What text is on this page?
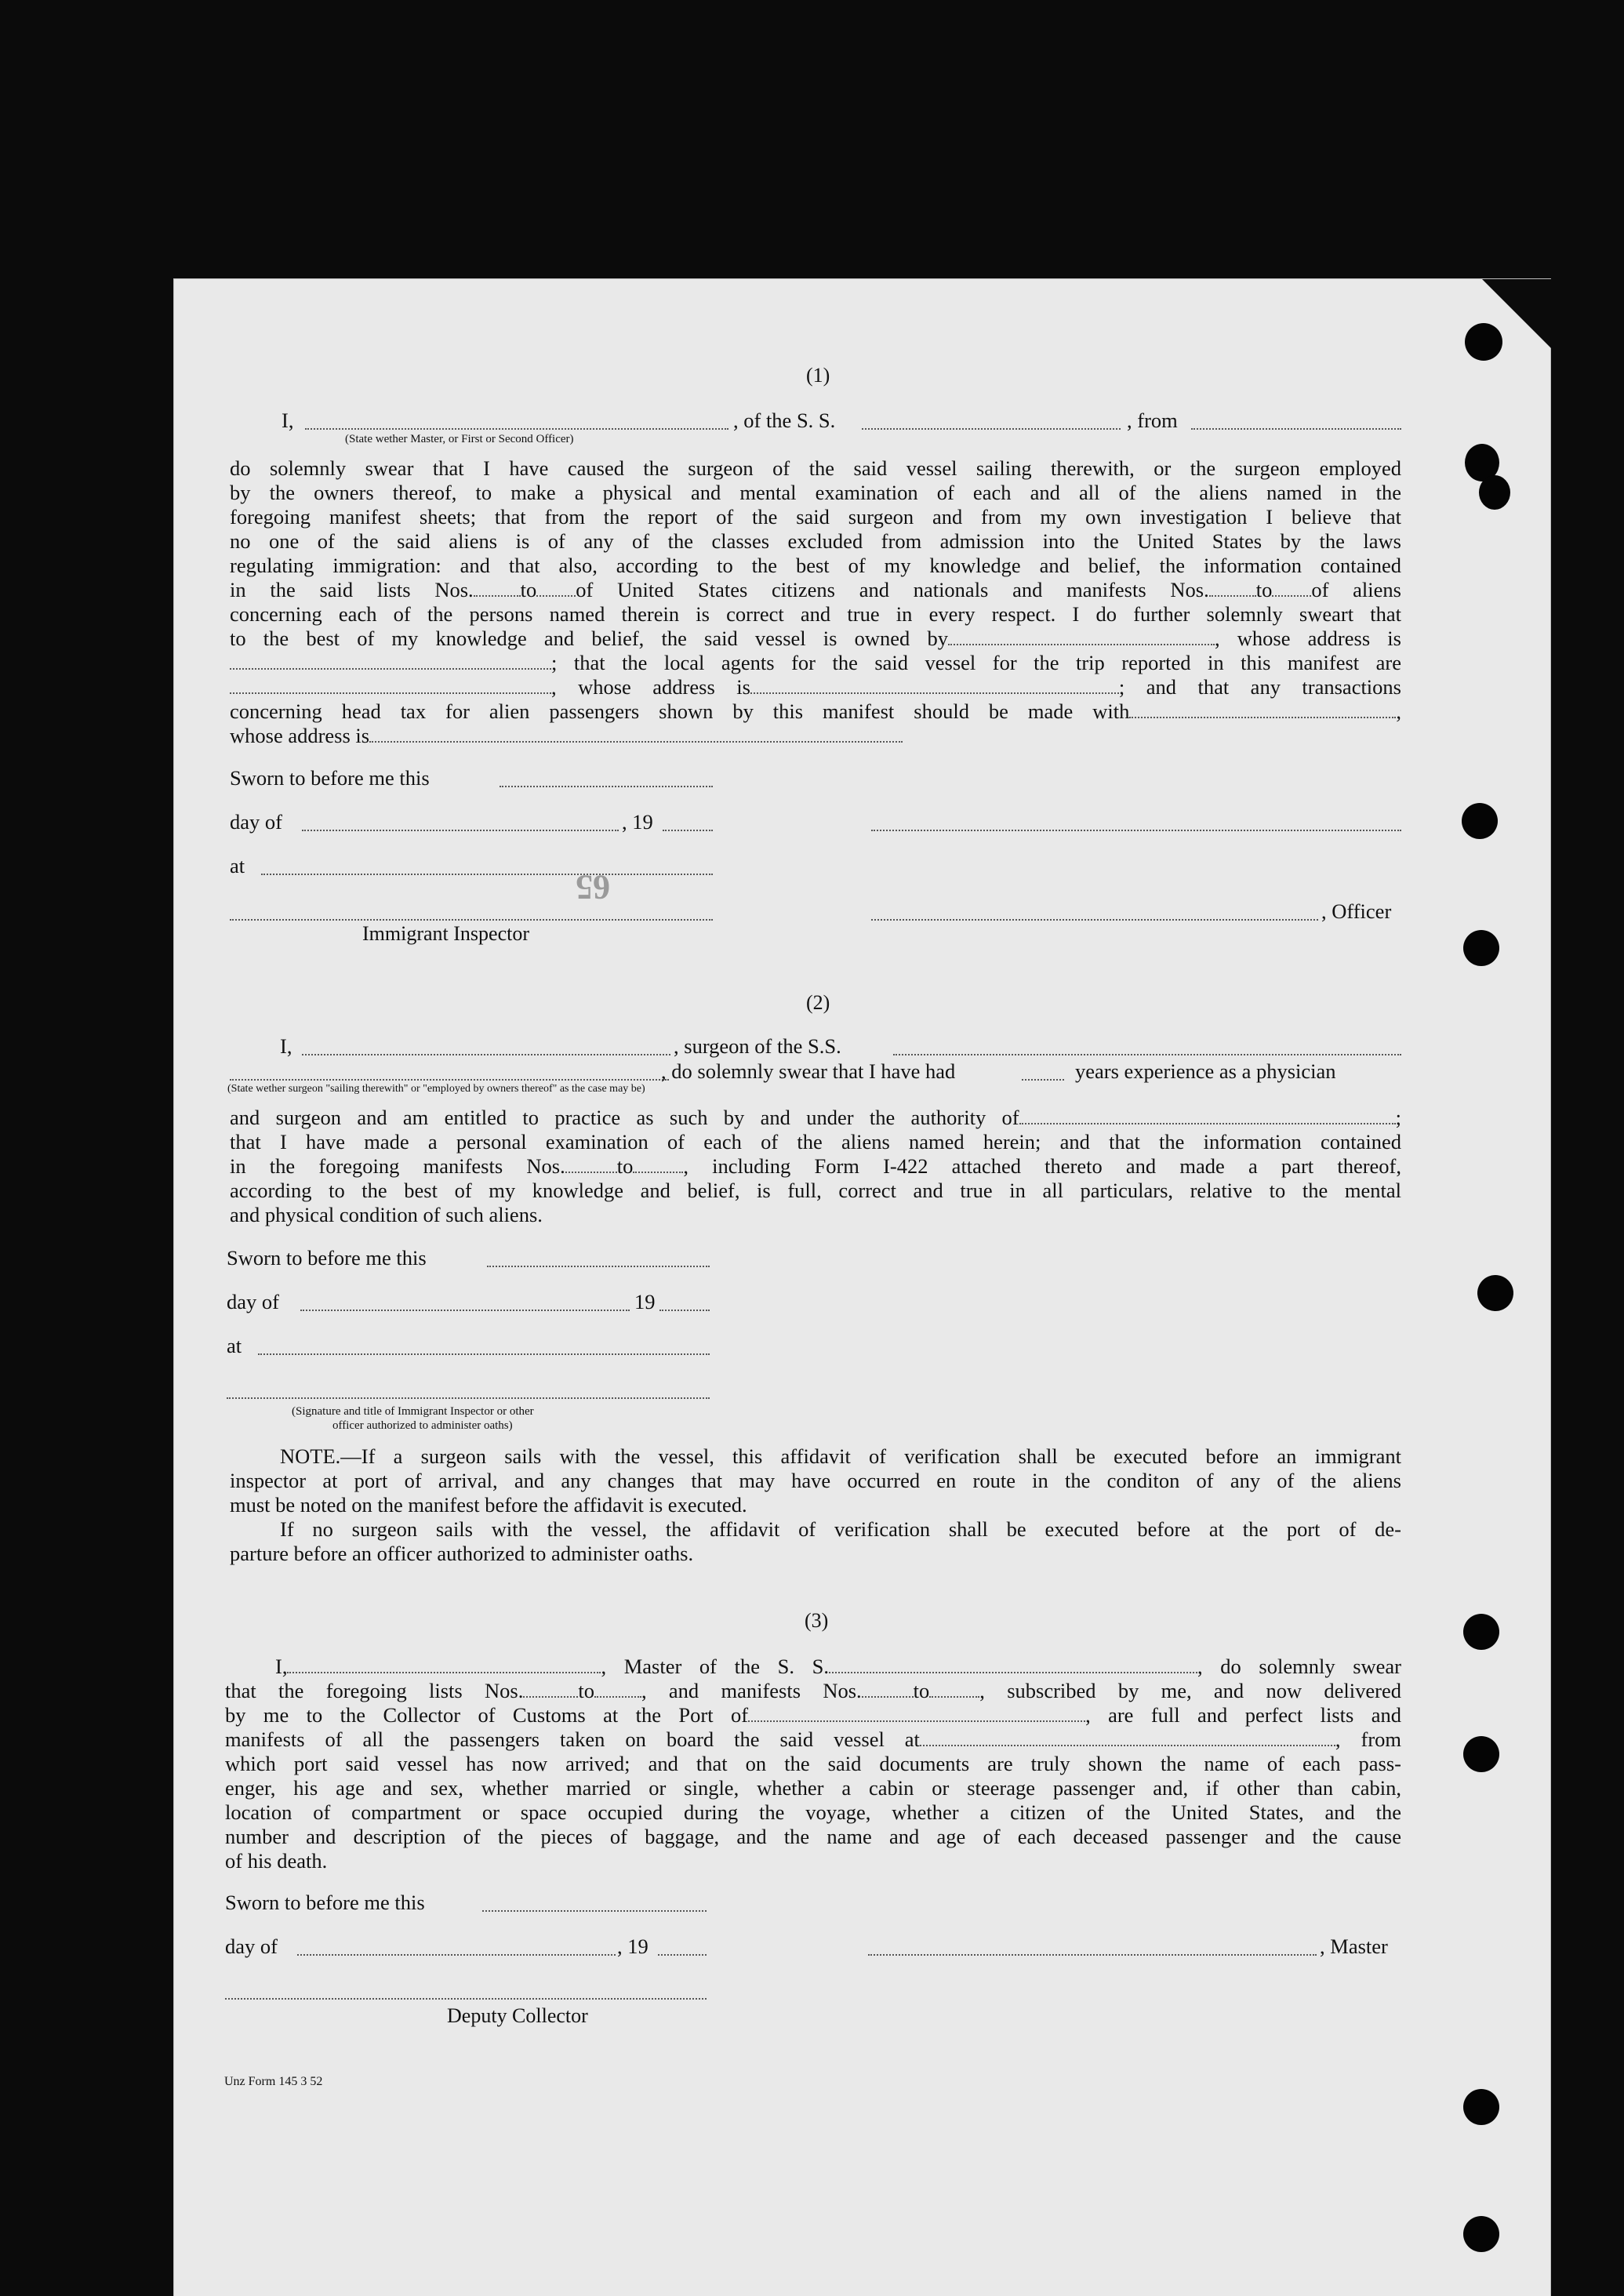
(1)
I,	, of the S. S.	, from
(State wether Master, or First or Second Officer)

do solemnly swear that I have caused the surgeon of the said vessel sailing therewith, or the surgeon employed

by the owners thereof, to make a physical and mental examination of each and all of the aliens named in the

foregoing manifest sheets; that from the report of the said surgeon and from my own investigation I believe that

no one of the said aliens is of any of the classes excluded from admission into the United States by the laws

regulating immigration: and that also, according to the best of my knowledge and belief, the information contained

in the said lists Nos. to of United States citizens and nationals and manifests Nos. to of aliens

concerning each of the persons named therein is correct and true in every respect. I do further solemnly sweart that

to the best of my knowledge and belief, the said vessel is owned by	, whose address is

; that the local agents for the said vessel for the trip reported in this manifest are

, whose address is	; and that any transactions

concerning head tax for alien passengers shown by this manifest should be made with	,

whose address is

Sworn to before me this
day of	, 19
at
65
, Officer
Immigrant Inspector
(2)
I,	, surgeon of the S.S.
, do solemnly swear that I have had	years experience as a physician
(State wether surgeon "sailing therewith" or "employed by owners thereof" as the case may be)

and surgeon and am entitled to practice as such by and under the authority of	;

that I have made a personal examination of each of the aliens named herein; and that the information contained

in the foregoing manifests Nos. to , including Form I-422 attached thereto and made a part thereof,

according to the best of my knowledge and belief, is full, correct and true in all particulars, relative to the mental

and physical condition of such aliens.

Sworn to before me this
day of	19
at
(Signature and title of Immigrant Inspector or other
officer authorized to administer oaths)

NOTE.—If a surgeon sails with the vessel, this affidavit of verification shall be executed before an immigrant

inspector at port of arrival, and any changes that may have occurred en route in the conditon of any of the aliens

must be noted on the manifest before the affidavit is executed.

If no surgeon sails with the vessel, the affidavit of verification shall be executed before at the port of de-

parture before an officer authorized to administer oaths.

(3)

I,	, Master of the S. S.	, do solemnly swear

that the foregoing lists Nos.	to , and manifests Nos. to , subscribed by me, and now delivered

by me to the Collector of Customs at the Port of	, are full and perfect lists and

manifests of all the passengers taken on board the said vessel at	, from

which port said vessel has now arrived; and that on the said documents are truly shown the name of each pass-

enger, his age and sex, whether married or single, whether a cabin or steerage passenger and, if other than cabin,

location of compartment or space occupied during the voyage, whether a citizen of the United States, and the

number and description of the pieces of baggage, and the name and age of each deceased passenger and the cause

of his death.

Sworn to before me this
day of	, 19	, Master
Deputy Collector
Unz Form 145 3 52
